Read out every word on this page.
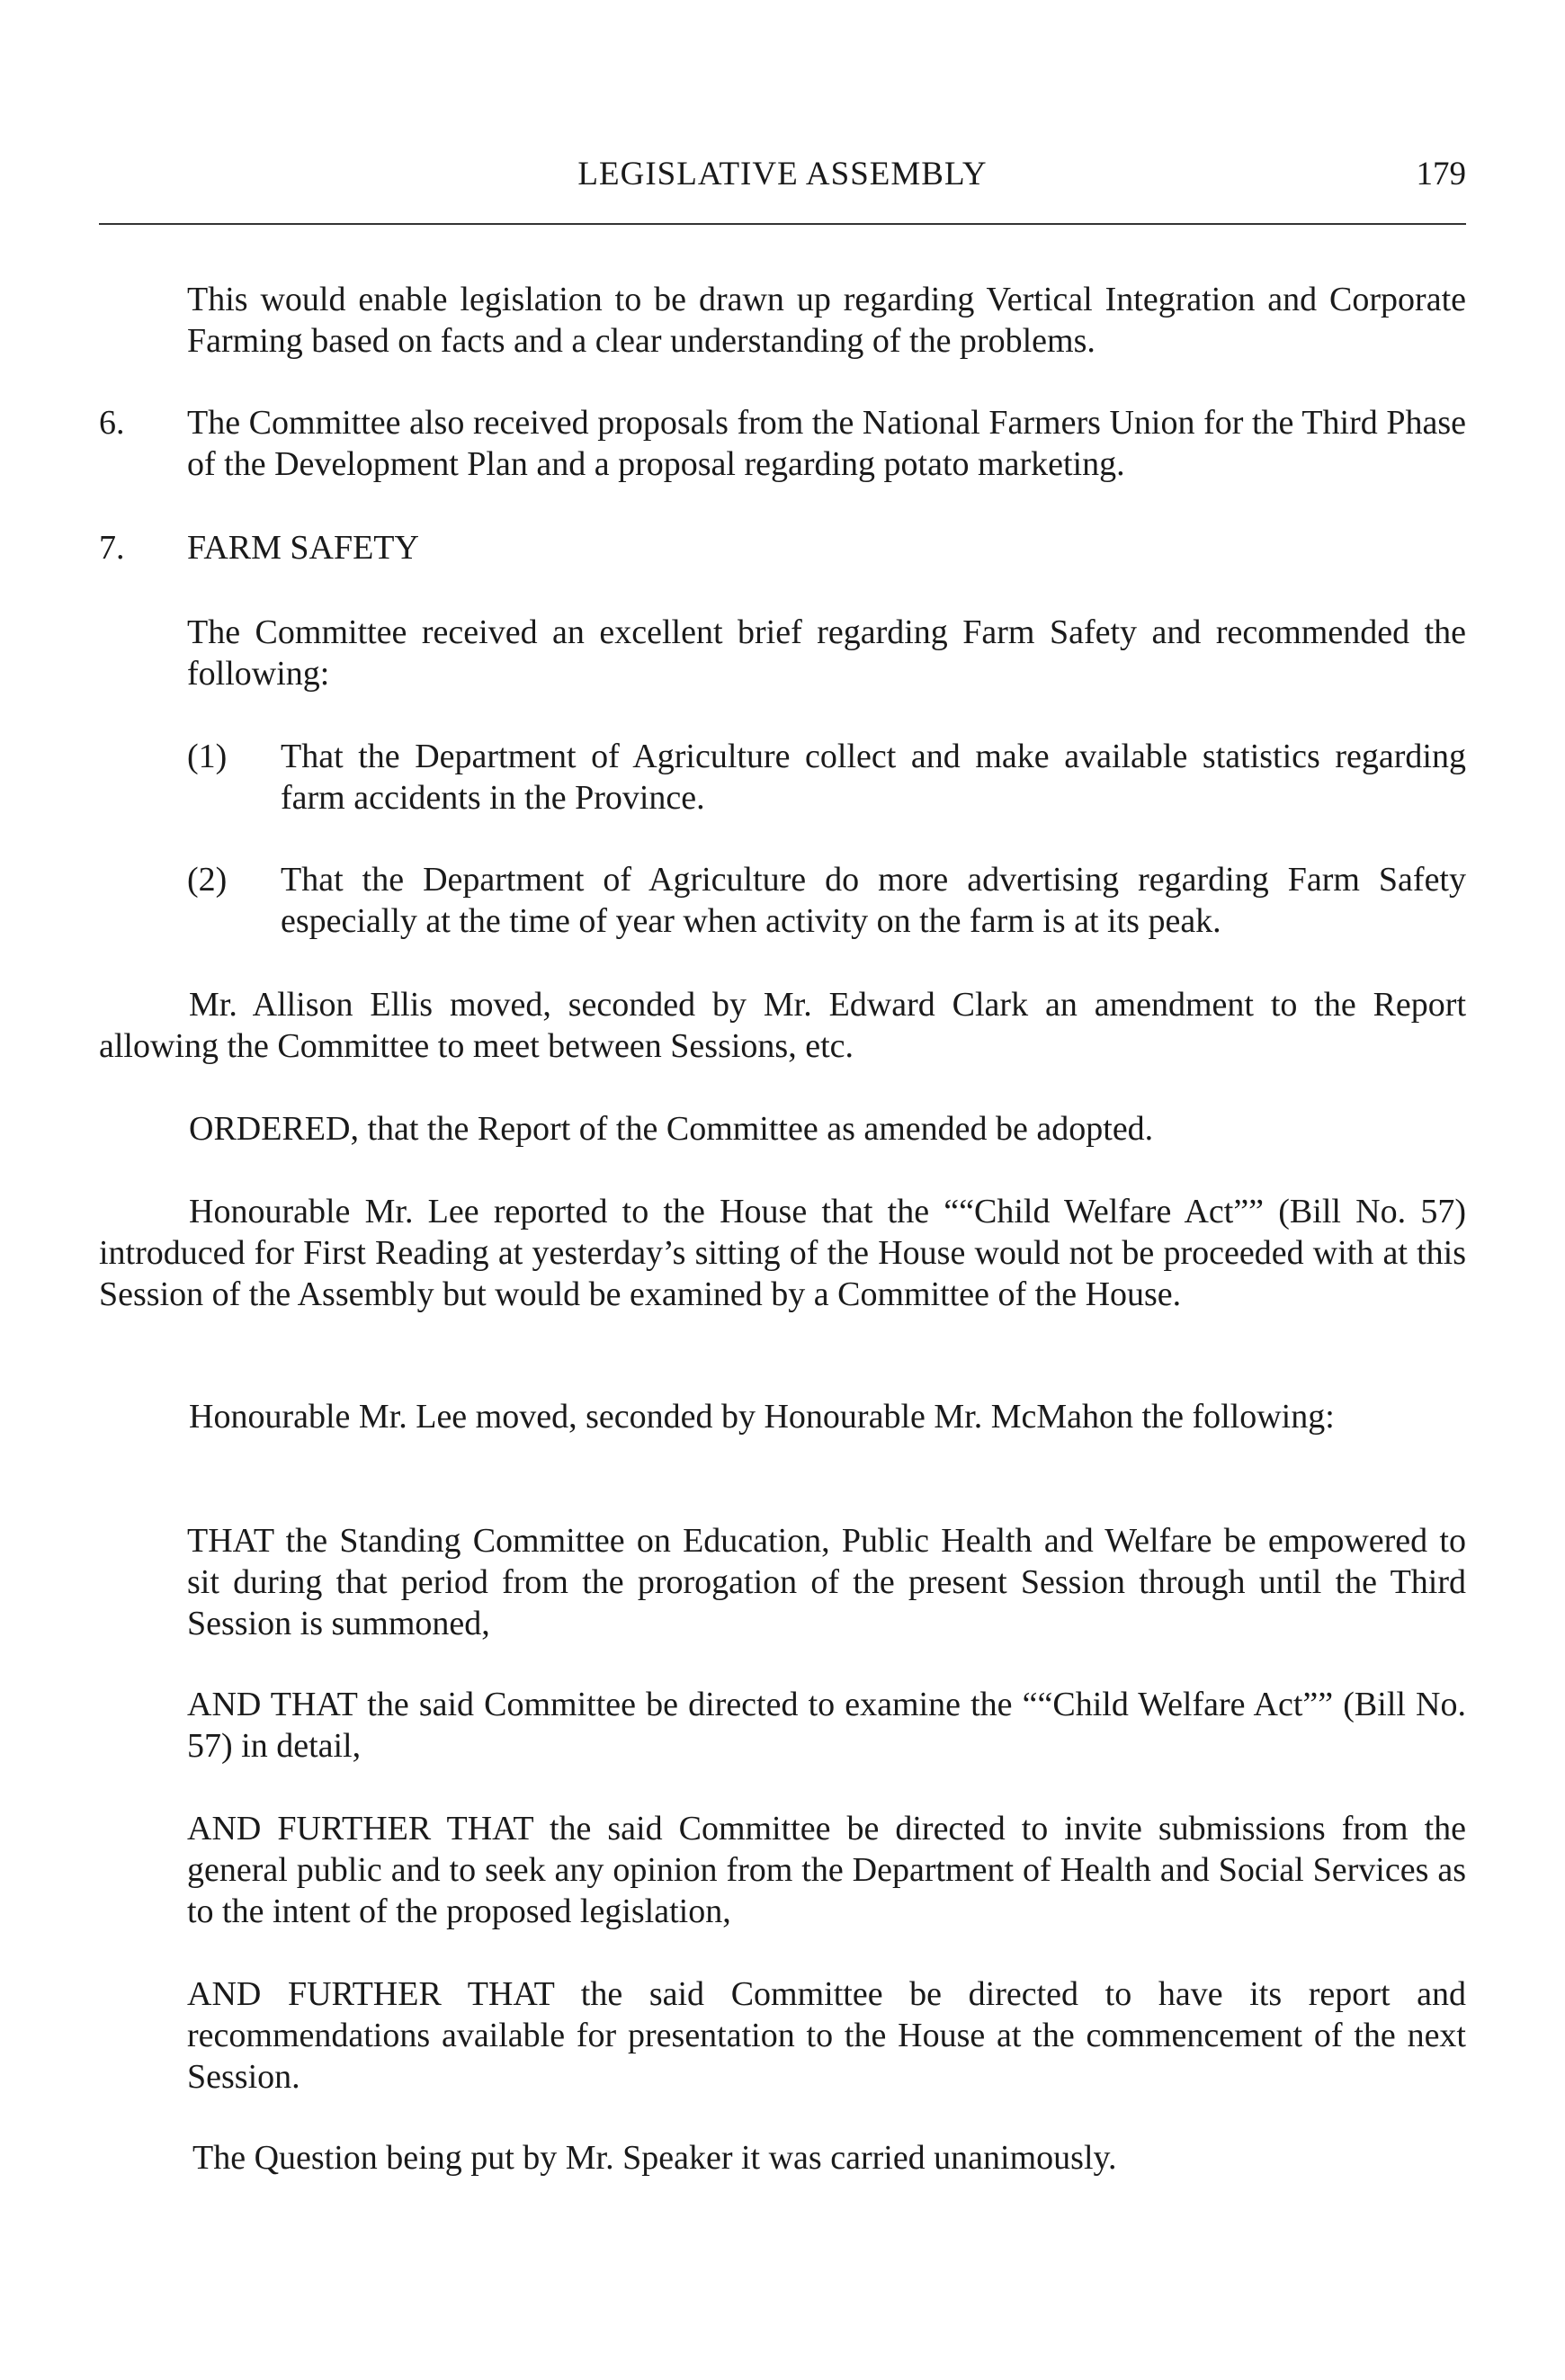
LEGISLATIVE ASSEMBLY	179

This would enable legislation to be drawn up regarding Vertical Integration and Corporate Farming based on facts and a clear understanding of the problems.

6. The Committee also received proposals from the National Farmers Union for the Third Phase of the Development Plan and a proposal regarding potato marketing.

7. FARM SAFETY

The Committee received an excellent brief regarding Farm Safety and recommended the following:

(1) That the Department of Agriculture collect and make available statistics regarding farm accidents in the Province.

(2) That the Department of Agriculture do more advertising regarding Farm Safety especially at the time of year when activity on the farm is at its peak.

Mr. Allison Ellis moved, seconded by Mr. Edward Clark an amendment to the Report allowing the Committee to meet between Sessions, etc.

ORDERED, that the Report of the Committee as amended be adopted.

Honourable Mr. Lee reported to the House that the ““Child Welfare Act”” (Bill No. 57) introduced for First Reading at yesterday’s sitting of the House would not be proceeded with at this Session of the Assembly but would be examined by a Committee of the House.

Honourable Mr. Lee moved, seconded by Honourable Mr. McMahon the following:

THAT the Standing Committee on Education, Public Health and Welfare be empowered to sit during that period from the prorogation of the present Session through until the Third Session is summoned,

AND THAT the said Committee be directed to examine the ““Child Welfare Act”” (Bill No. 57) in detail,

AND FURTHER THAT the said Committee be directed to invite submissions from the general public and to seek any opinion from the Department of Health and Social Services as to the intent of the proposed legislation,

AND FURTHER THAT the said Committee be directed to have its report and recommendations available for presentation to the House at the commencement of the next Session.

The Question being put by Mr. Speaker it was carried unanimously.
